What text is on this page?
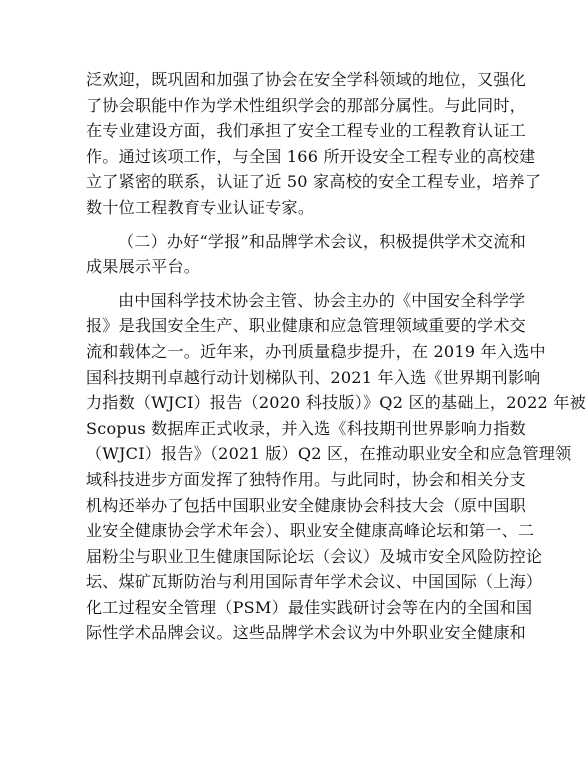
泛欢迎，既巩固和加强了协会在安全学科领域的地位，又强化
了协会职能中作为学术性组织学会的那部分属性。与此同时，
在专业建设方面，我们承担了安全工程专业的工程教育认证工
作。通过该项工作，与全国 166 所开设安全工程专业的高校建
立了紧密的联系，认证了近 50 家高校的安全工程专业，培养了
数十位工程教育专业认证专家。
（二）办好“学报”和品牌学术会议，积极提供学术交流和
成果展示平台。
由中国科学技术协会主管、协会主办的《中国安全科学学
报》是我国安全生产、职业健康和应急管理领域重要的学术交
流和载体之一。近年来，办刊质量稳步提升，在 2019 年入选中
国科技期刊卓越行动计划梯队刊、2021 年入选《世界期刊影响
力指数（WJCI）报告（2020 科技版）》Q2 区的基础上，2022 年被
Scopus 数据库正式收录，并入选《科技期刊世界影响力指数
（WJCI）报告》（2021 版）Q2 区，在推动职业安全和应急管理领
域科技进步方面发挥了独特作用。与此同时，协会和相关分支
机构还举办了包括中国职业安全健康协会科技大会（原中国职
业安全健康协会学术年会）、职业安全健康高峰论坛和第一、二
届粉尘与职业卫生健康国际论坛（会议）及城市安全风险防控论
坛、煤矿瓦斯防治与利用国际青年学术会议、中国国际（上海）
化工过程安全管理（PSM）最佳实践研讨会等在内的全国和国
际性学术品牌会议。这些品牌学术会议为中外职业安全健康和
